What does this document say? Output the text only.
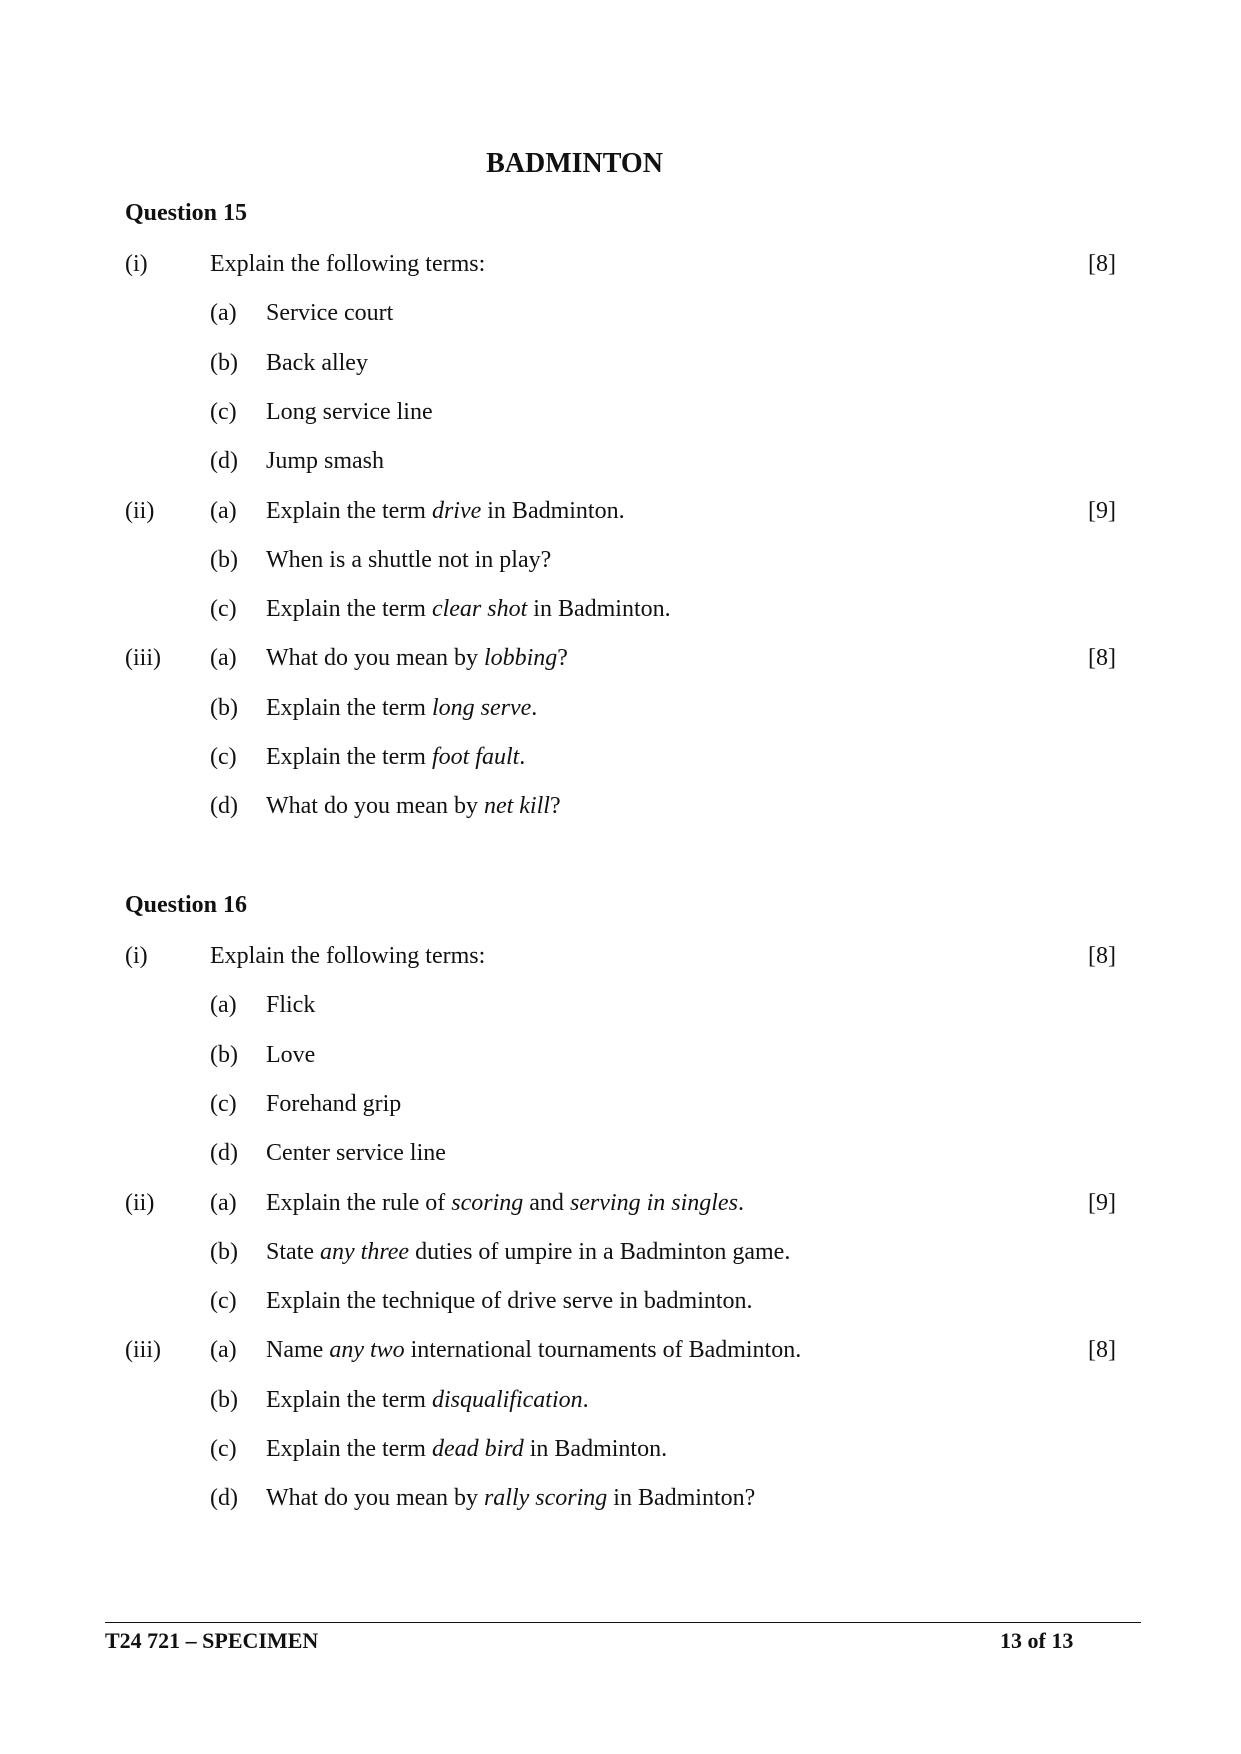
BADMINTON
Question 15
(i)	Explain the following terms:	[8]
(a) Service court
(b) Back alley
(c) Long service line
(d) Jump smash
(ii) (a) Explain the term drive in Badminton.	[9]
(b) When is a shuttle not in play?
(c) Explain the term clear shot in Badminton.
(iii) (a) What do you mean by lobbing?	[8]
(b) Explain the term long serve.
(c) Explain the term foot fault.
(d) What do you mean by net kill?
Question 16
(i)	Explain the following terms:	[8]
(a) Flick
(b) Love
(c) Forehand grip
(d) Center service line
(ii) (a) Explain the rule of scoring and serving in singles.	[9]
(b) State any three duties of umpire in a Badminton game.
(c) Explain the technique of drive serve in badminton.
(iii) (a) Name any two international tournaments of Badminton.	[8]
(b) Explain the term disqualification.
(c) Explain the term dead bird in Badminton.
(d) What do you mean by rally scoring in Badminton?
T24 721 – SPECIMEN	13 of 13
